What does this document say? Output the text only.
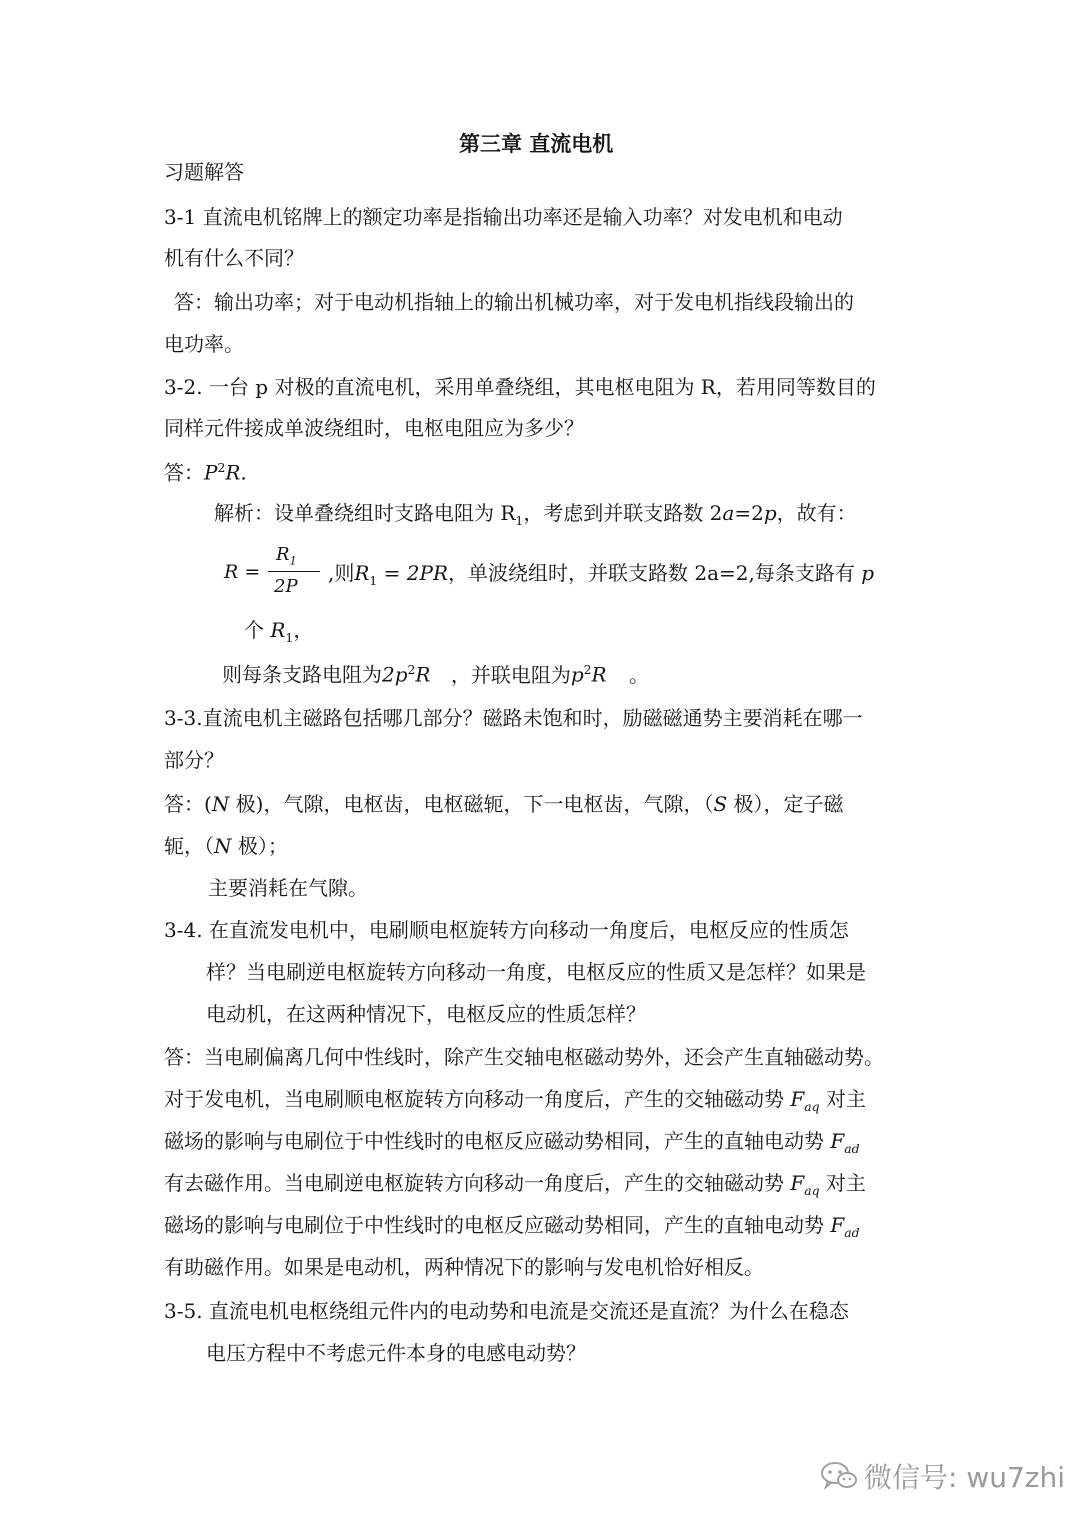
第三章 直流电机
习题解答
3-1 直流电机铭牌上的额定功率是指输出功率还是输入功率？对发电机和电动
机有什么不同？
答：输出功率；对于电动机指轴上的输出机械功率，对于发电机指线段输出的
电功率。
3-2. 一台 p 对极的直流电机，采用单叠绕组，其电枢电阻为 R，若用同等数目的
同样元件接成单波绕组时，电枢电阻应为多少？
答：$P^2R$.
解析：设单叠绕组时支路电阻为 $R_1$，考虑到并联支路数 2a=2p，故有：
R =
$R_1$
2P
,则$R_1 = 2PR$，单波绕组时，并联支路数 2a=2,每条支路有 p
个 $R_1$，
则每条支路电阻为$2p^2R$ ，并联电阻为$p^2R$ 。
3-3.直流电机主磁路包括哪几部分？磁路未饱和时，励磁磁通势主要消耗在哪一
部分？
答：(N 极)，气隙，电枢齿，电枢磁轭，下一电枢齿，气隙，（S 极），定子磁
轭，（N 极）；
主要消耗在气隙。
3-4. 在直流发电机中，电刷顺电枢旋转方向移动一角度后，电枢反应的性质怎
样？当电刷逆电枢旋转方向移动一角度，电枢反应的性质又是怎样？如果是
电动机，在这两种情况下，电枢反应的性质怎样？
答：当电刷偏离几何中性线时，除产生交轴电枢磁动势外，还会产生直轴磁动势。
对于发电机，当电刷顺电枢旋转方向移动一角度后，产生的交轴磁动势 $F_{aq}$ 对主
磁场的影响与电刷位于中性线时的电枢反应磁动势相同，产生的直轴电动势 $F_{ad}$
有去磁作用。当电刷逆电枢旋转方向移动一角度后，产生的交轴磁动势 $F_{aq}$ 对主
磁场的影响与电刷位于中性线时的电枢反应磁动势相同，产生的直轴电动势 $F_{ad}$
有助磁作用。如果是电动机，两种情况下的影响与发电机恰好相反。
3-5. 直流电机电枢绕组元件内的电动势和电流是交流还是直流？为什么在稳态
电压方程中不考虑元件本身的电感电动势？
微信号: wu7zhi
